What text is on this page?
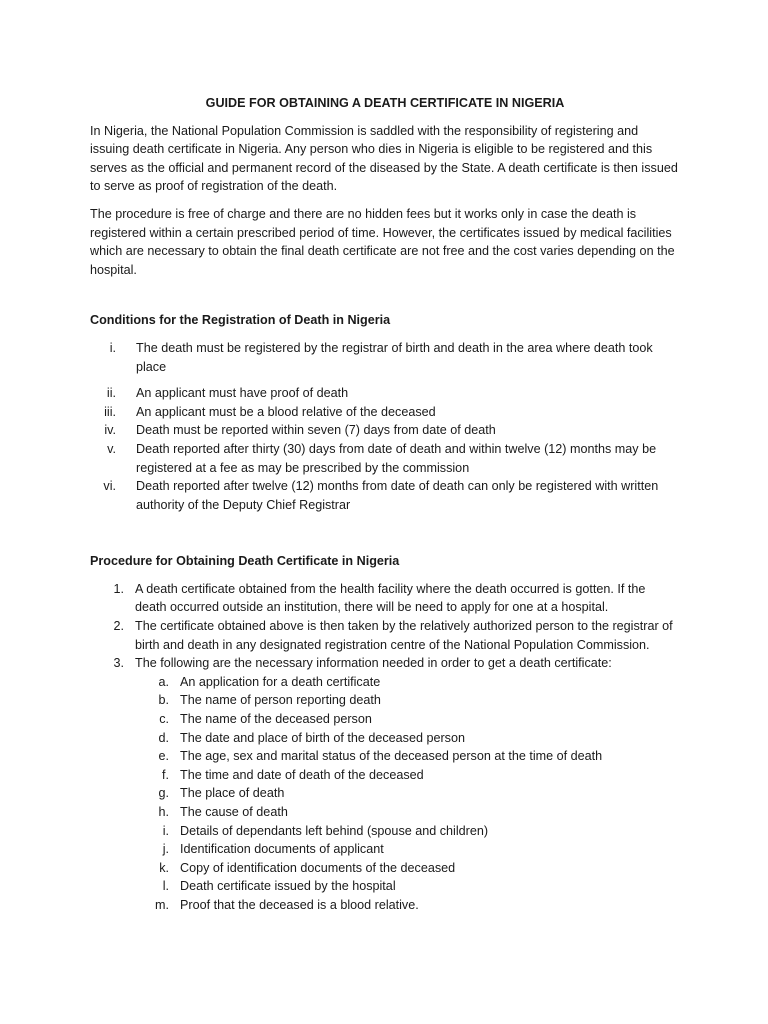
GUIDE FOR OBTAINING A DEATH CERTIFICATE IN NIGERIA
In Nigeria, the National Population Commission is saddled with the responsibility of registering and issuing death certificate in Nigeria. Any person who dies in Nigeria is eligible to be registered and this serves as the official and permanent record of the diseased by the State. A death certificate is then issued to serve as proof of registration of the death.
The procedure is free of charge and there are no hidden fees but it works only in case the death is registered within a certain prescribed period of time. However, the certificates issued by medical facilities which are necessary to obtain the final death certificate are not free and the cost varies depending on the hospital.
Conditions for the Registration of Death in Nigeria
i.	The death must be registered by the registrar of birth and death in the area where death took place
ii.	An applicant must have proof of death
iii.	An applicant must be a blood relative of the deceased
iv.	Death must be reported within seven (7) days from date of death
v.	Death reported after thirty (30) days from date of death and within twelve (12) months may be registered at a fee as may be prescribed by the commission
vi.	Death reported after twelve (12) months from date of death can only be registered with written authority of the Deputy Chief Registrar
Procedure for Obtaining Death Certificate in Nigeria
1. A death certificate obtained from the health facility where the death occurred is gotten. If the death occurred outside an institution, there will be need to apply for one at a hospital.
2. The certificate obtained above is then taken by the relatively authorized person to the registrar of birth and death in any designated registration centre of the National Population Commission.
3. The following are the necessary information needed in order to get a death certificate:
a. An application for a death certificate
b. The name of person reporting death
c. The name of the deceased person
d. The date and place of birth of the deceased person
e. The age, sex and marital status of the deceased person at the time of death
f. The time and date of death of the deceased
g. The place of death
h. The cause of death
i. Details of dependants left behind (spouse and children)
j. Identification documents of applicant
k. Copy of identification documents of the deceased
l. Death certificate issued by the hospital
m. Proof that the deceased is a blood relative.
